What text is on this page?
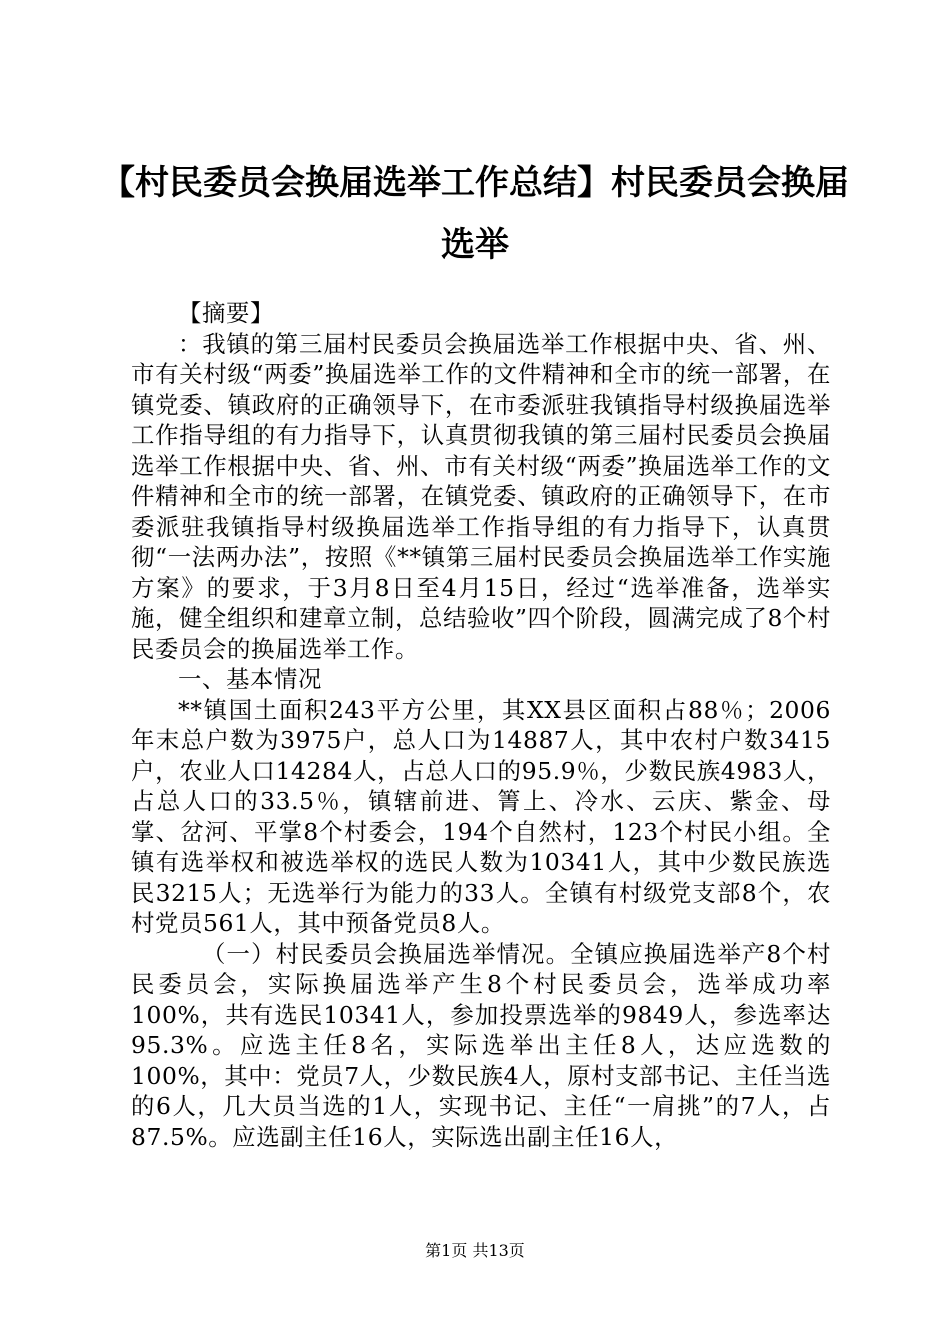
【村民委员会换届选举工作总结】村民委员会换届选举

【摘要】

：我镇的第三届村民委员会换届选举工作根据中央、省、州、市有关村级“两委”换届选举工作的文件精神和全市的统一部署，在镇党委、镇政府的正确领导下，在市委派驻我镇指导村级换届选举工作指导组的有力指导下，认真贯彻我镇的第三届村民委员会换届选举工作根据中央、省、州、市有关村级“两委”换届选举工作的文件精神和全市的统一部署，在镇党委、镇政府的正确领导下，在市委派驻我镇指导村级换届选举工作指导组的有力指导下，认真贯彻“一法两办法”，按照《**镇第三届村民委员会换届选举工作实施方案》的要求，于3月8日至4月15日，经过“选举准备，选举实施，健全组织和建章立制，总结验收”四个阶段，圆满完成了8个村民委员会的换届选举工作。

一、基本情况

**镇国土面积243平方公里，其XX县区面积占88％；2006年末总户数为3975户，总人口为14887人，其中农村户数3415户，农业人口14284人，占总人口的95.9％，少数民族4983人，占总人口的33.5％，镇辖前进、箐上、冷水、云庆、紫金、母掌、岔河、平掌8个村委会，194个自然村，123个村民小组。全镇有选举权和被选举权的选民人数为10341人，其中少数民族选民3215人；无选举行为能力的33人。全镇有村级党支部8个，农村党员561人，其中预备党员8人。

（一）村民委员会换届选举情况。全镇应换届选举产8个村民委员会，实际换届选举产生8个村民委员会，选举成功率100%，共有选民10341人，参加投票选举的9849人，参选率达95.3%。应选主任8名，实际选举出主任8人，达应选数的100%，其中：党员7人，少数民族4人，原村支部书记、主任当选的6人，几大员当选的1人，实现书记、主任“一肩挑”的7人，占87.5%。应选副主任16人，实际选出副主任16人，

第1页 共13页
